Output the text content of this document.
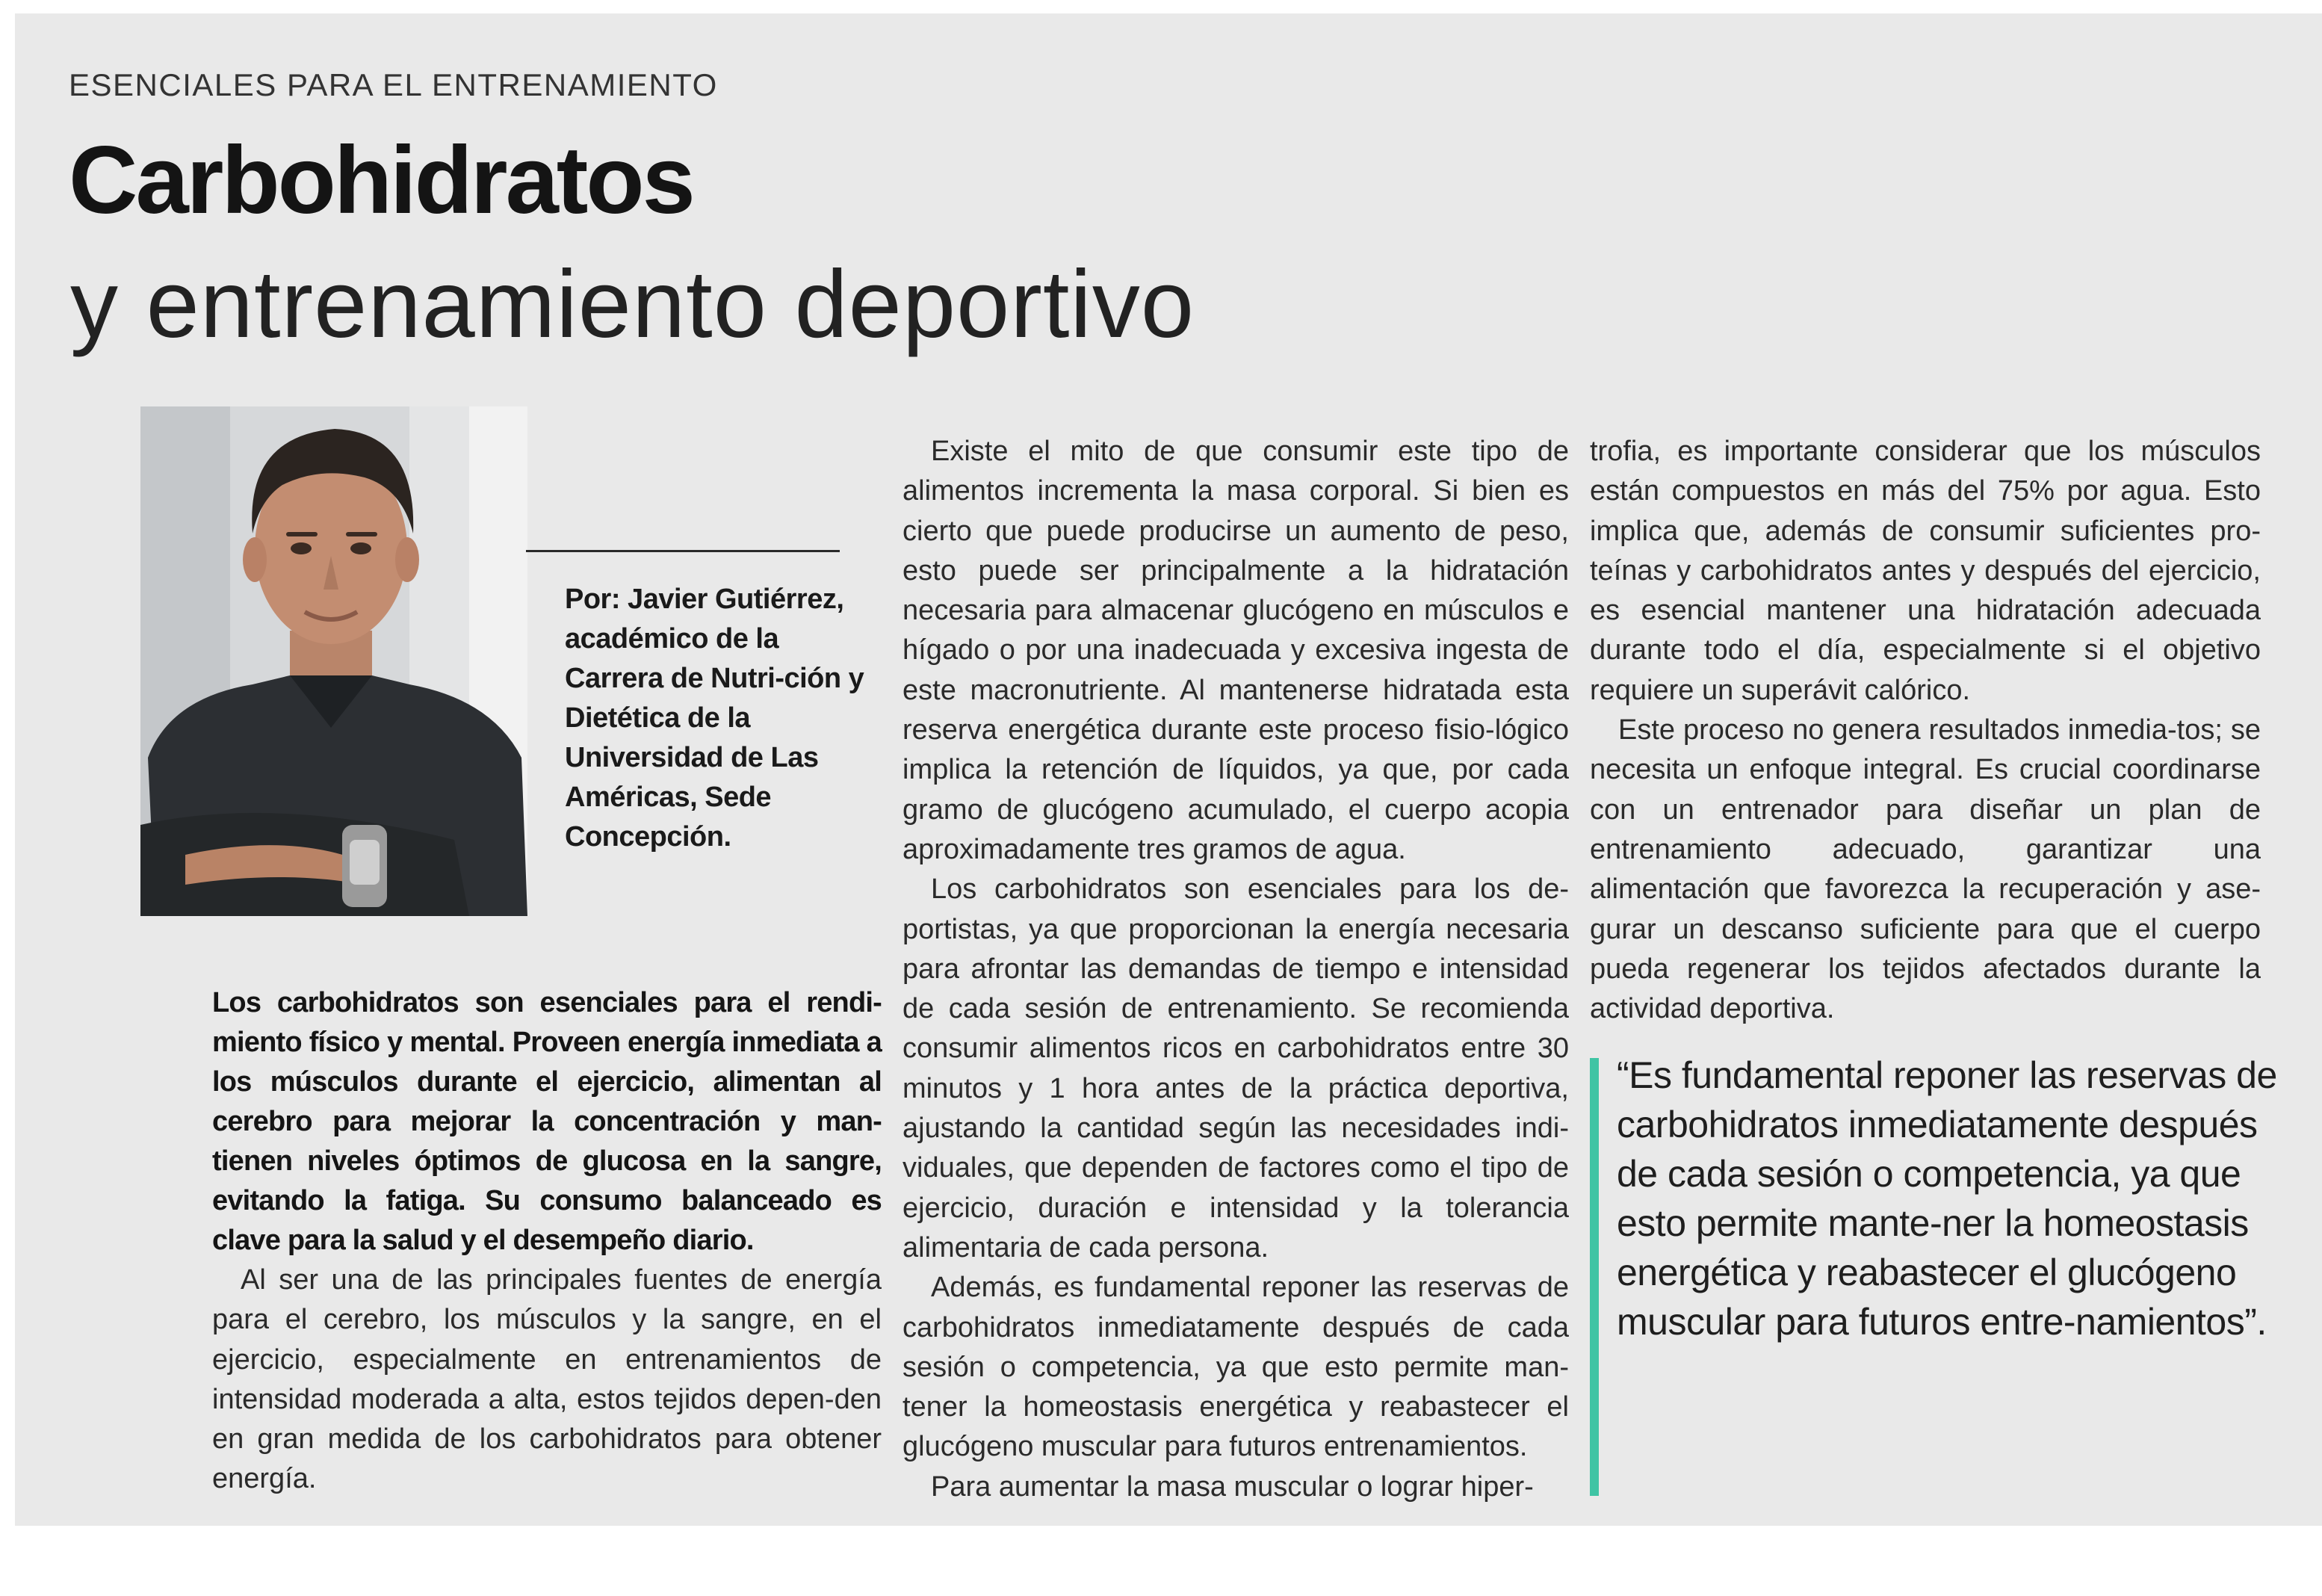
ESENCIALES PARA EL ENTRENAMIENTO
Carbohidratos
y entrenamiento deportivo
Por: Javier Gutiérrez, académico de la Carrera de Nutri-ción y Dietética de la Universidad de Las Américas, Sede Concepción.

Los carbohidratos son esenciales para el rendi-miento físico y mental. Proveen energía inmediata a los músculos durante el ejercicio, alimentan al cerebro para mejorar la concentración y man-tienen niveles óptimos de glucosa en la sangre, evitando la fatiga. Su consumo balanceado es clave para la salud y el desempeño diario.

Al ser una de las principales fuentes de energía para el cerebro, los músculos y la sangre, en el ejercicio, especialmente en entrenamientos de intensidad moderada a alta, estos tejidos depen-den en gran medida de los carbohidratos para obtener energía.

Existe el mito de que consumir este tipo de alimentos incrementa la masa corporal. Si bien es cierto que puede producirse un aumento de peso, esto puede ser principalmente a la hidratación necesaria para almacenar glucógeno en músculos e hígado o por una inadecuada y excesiva ingesta de este macronutriente. Al mantenerse hidratada esta reserva energética durante este proceso fisio-lógico implica la retención de líquidos, ya que, por cada gramo de glucógeno acumulado, el cuerpo acopia aproximadamente tres gramos de agua.

Los carbohidratos son esenciales para los de-portistas, ya que proporcionan la energía necesaria para afrontar las demandas de tiempo e intensidad de cada sesión de entrenamiento. Se recomienda consumir alimentos ricos en carbohidratos entre 30 minutos y 1 hora antes de la práctica deportiva, ajustando la cantidad según las necesidades indi-viduales, que dependen de factores como el tipo de ejercicio, duración e intensidad y la tolerancia alimentaria de cada persona.

Además, es fundamental reponer las reservas de carbohidratos inmediatamente después de cada sesión o competencia, ya que esto permite man-tener la homeostasis energética y reabastecer el glucógeno muscular para futuros entrenamientos.

Para aumentar la masa muscular o lograr hiper-

trofia, es importante considerar que los músculos están compuestos en más del 75% por agua. Esto implica que, además de consumir suficientes pro-teínas y carbohidratos antes y después del ejercicio, es esencial mantener una hidratación adecuada durante todo el día, especialmente si el objetivo requiere un superávit calórico.

Este proceso no genera resultados inmedia-tos; se necesita un enfoque integral. Es crucial coordinarse con un entrenador para diseñar un plan de entrenamiento adecuado, garantizar una alimentación que favorezca la recuperación y ase-gurar un descanso suficiente para que el cuerpo pueda regenerar los tejidos afectados durante la actividad deportiva.

“Es fundamental reponer las reservas de carbohidratos inmediatamente después de cada sesión o competencia, ya que esto permite mante-ner la homeostasis energética y reabastecer el glucógeno muscular para futuros entre-namientos”.
